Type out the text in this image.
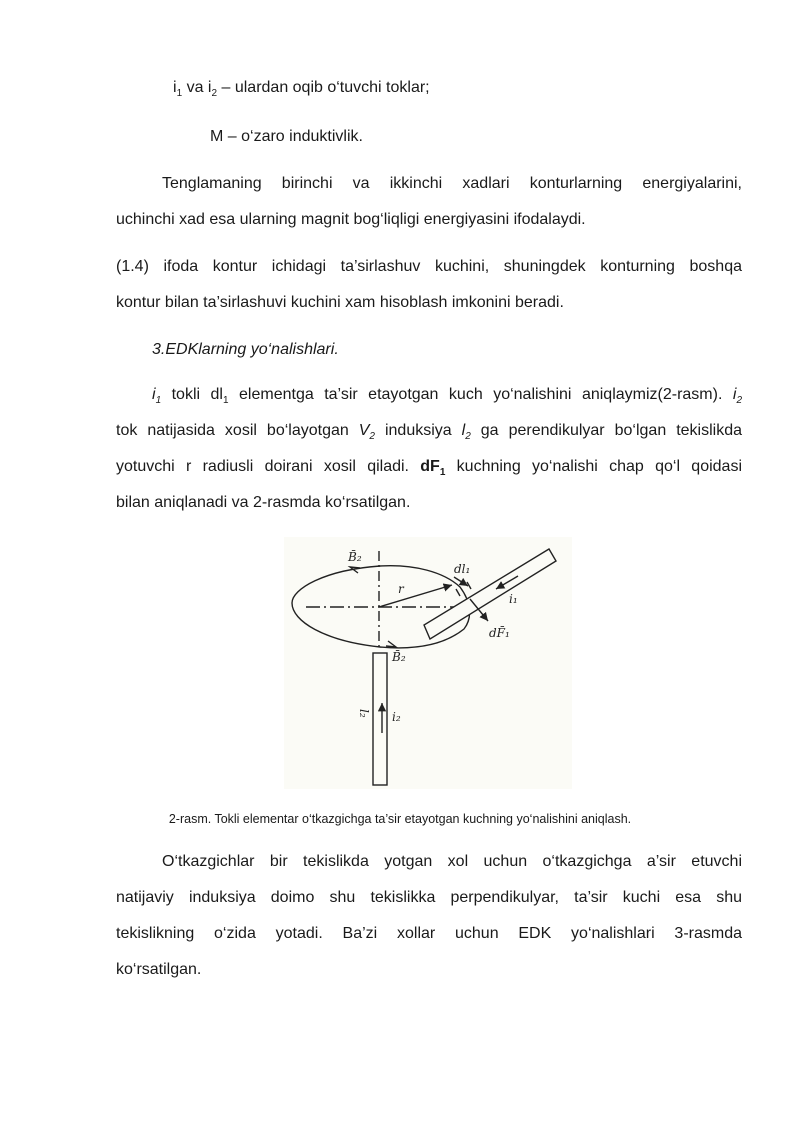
$i_1$ va $i_2$ – ulardan oqib o‘tuvchi toklar;
M – o‘zaro induktivlik.
Tenglamaning birinchi va ikkinchi xadlari konturlarning energiyalarini,
uchinchi xad esa ularning magnit bog‘liqligi energiyasini ifodalaydi.
(1.4) ifoda kontur ichidagi ta’sirlashuv kuchini, shuningdek konturning boshqa
kontur bilan ta’sirlashuvi kuchini xam hisoblash imkonini beradi.
3.EDKlarning yo‘nalishlari.
$i_1$ tokli $dl_1$ elementga ta’sir etayotgan kuch yo‘nalishini aniqlaymiz(2-rasm). $i_2$
tok natijasida xosil bo‘layotgan $V_2$ induksiya $l_2$ ga perendikulyar bo‘lgan tekislikda
yotuvchi r radiusli doirani xosil qiladi. $dF_1$ kuchning yo‘nalishi chap qo‘l qoidasi
bilan aniqlanadi va 2-rasmda ko‘rsatilgan.
B̄₂
r
dl₁
i₁
dF̄₁
B̄₂
l₂ i₂
2-rasm. Tokli elementar o‘tkazgichga ta’sir etayotgan kuchning yo‘nalishini aniqlash.
O‘tkazgichlar bir tekislikda yotgan xol uchun o‘tkazgichga a’sir etuvchi
natijaviy induksiya doimo shu tekislikka perpendikulyar, ta’sir kuchi esa shu
tekislikning o‘zida yotadi. Ba’zi xollar uchun EDK yo‘nalishlari 3-rasmda
ko‘rsatilgan.
